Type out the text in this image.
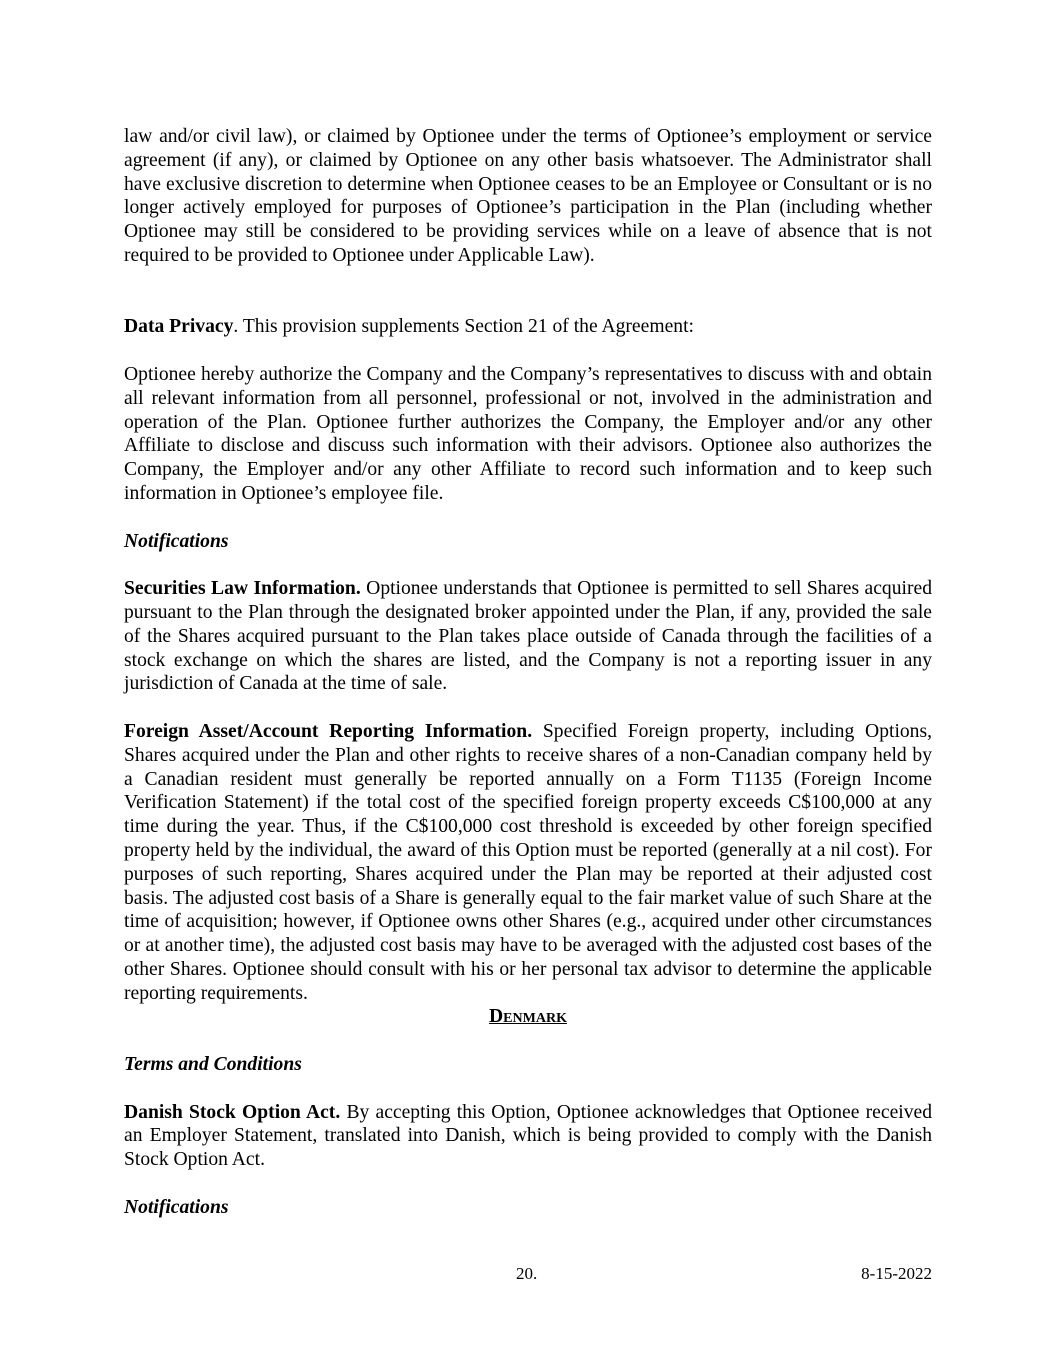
law and/or civil law), or claimed by Optionee under the terms of Optionee’s employment or service agreement (if any), or claimed by Optionee on any other basis whatsoever. The Administrator shall have exclusive discretion to determine when Optionee ceases to be an Employee or Consultant or is no longer actively employed for purposes of Optionee’s participation in the Plan (including whether Optionee may still be considered to be providing services while on a leave of absence that is not required to be provided to Optionee under Applicable Law).

Data Privacy. This provision supplements Section 21 of the Agreement:

Optionee hereby authorize the Company and the Company’s representatives to discuss with and obtain all relevant information from all personnel, professional or not, involved in the administration and operation of the Plan. Optionee further authorizes the Company, the Employer and/or any other Affiliate to disclose and discuss such information with their advisors. Optionee also authorizes the Company, the Employer and/or any other Affiliate to record such information and to keep such information in Optionee’s employee file.

Notifications

Securities Law Information. Optionee understands that Optionee is permitted to sell Shares acquired pursuant to the Plan through the designated broker appointed under the Plan, if any, provided the sale of the Shares acquired pursuant to the Plan takes place outside of Canada through the facilities of a stock exchange on which the shares are listed, and the Company is not a reporting issuer in any jurisdiction of Canada at the time of sale.

Foreign Asset/Account Reporting Information. Specified Foreign property, including Options, Shares acquired under the Plan and other rights to receive shares of a non-Canadian company held by a Canadian resident must generally be reported annually on a Form T1135 (Foreign Income Verification Statement) if the total cost of the specified foreign property exceeds C$100,000 at any time during the year. Thus, if the C$100,000 cost threshold is exceeded by other foreign specified property held by the individual, the award of this Option must be reported (generally at a nil cost). For purposes of such reporting, Shares acquired under the Plan may be reported at their adjusted cost basis. The adjusted cost basis of a Share is generally equal to the fair market value of such Share at the time of acquisition; however, if Optionee owns other Shares (e.g., acquired under other circumstances or at another time), the adjusted cost basis may have to be averaged with the adjusted cost bases of the other Shares. Optionee should consult with his or her personal tax advisor to determine the applicable reporting requirements.

Denmark

Terms and Conditions

Danish Stock Option Act. By accepting this Option, Optionee acknowledges that Optionee received an Employer Statement, translated into Danish, which is being provided to comply with the Danish Stock Option Act.

Notifications

20.	8-15-2022
